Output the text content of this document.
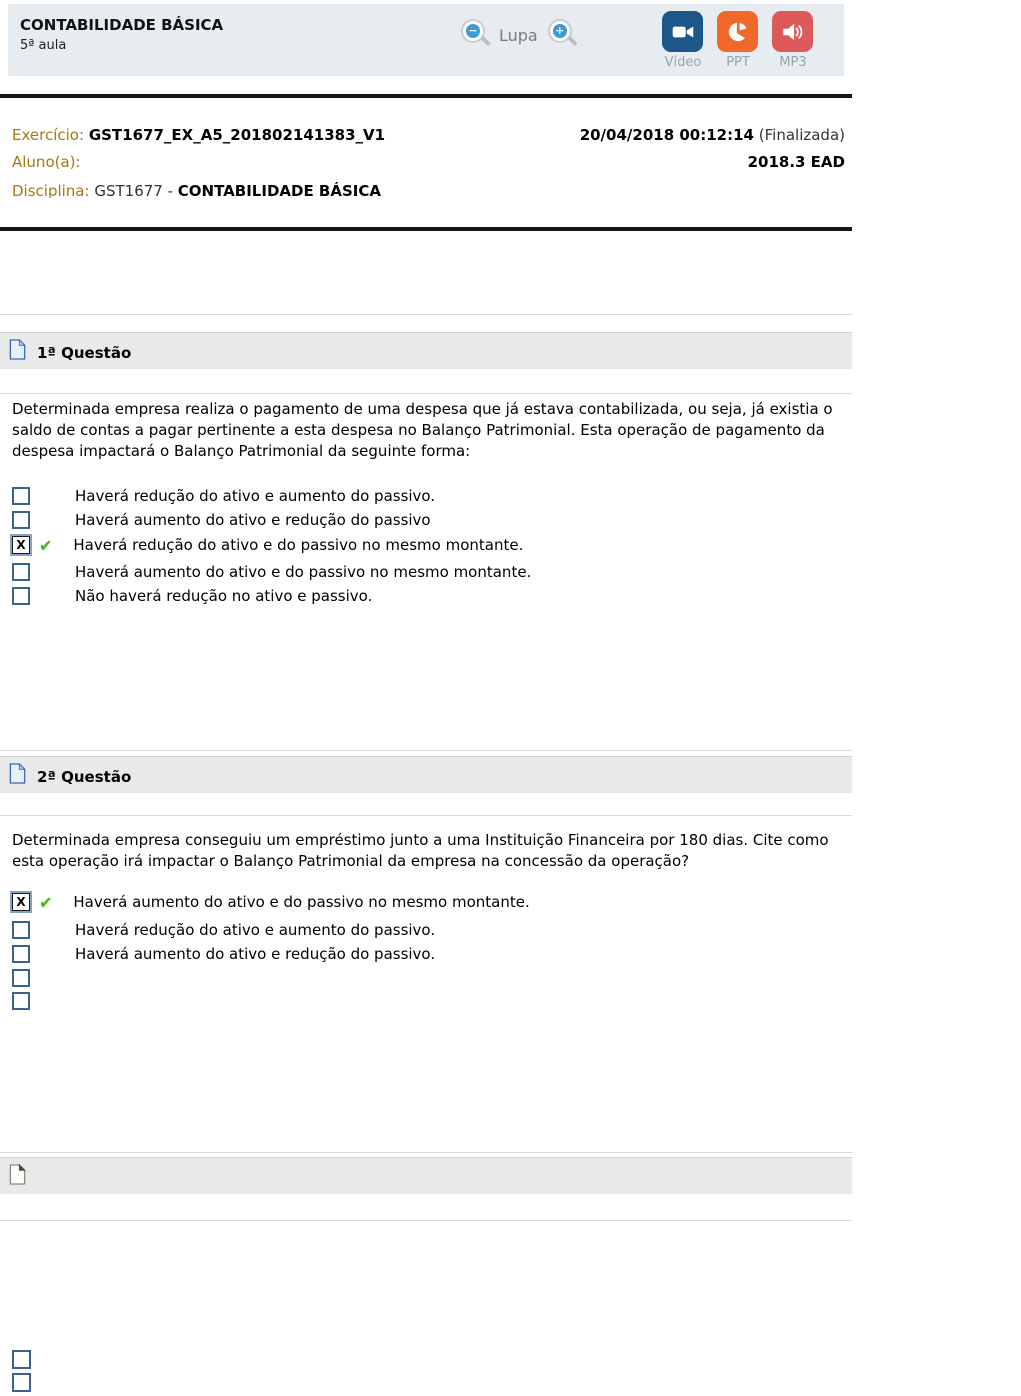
CONTABILIDADE BÁSICA
5ª aula
− Lupa +
Vídeo	PPT	MP3
Exercício: GST1677_EX_A5_201802141383_V1	20/04/2018 00:12:14 (Finalizada)
Aluno(a):	2018.3 EAD
Disciplina: GST1677 - CONTABILIDADE BÁSICA
1ª Questão
Determinada empresa realiza o pagamento de uma despesa que já estava contabilizada, ou seja, já existia o saldo de contas a pagar pertinente a esta despesa no Balanço Patrimonial. Esta operação de pagamento da despesa impactará o Balanço Patrimonial da seguinte forma:
Haverá redução do ativo e aumento do passivo.
Haverá aumento do ativo e redução do passivo
X ✔ Haverá redução do ativo e do passivo no mesmo montante.
Haverá aumento do ativo e do passivo no mesmo montante.
Não haverá redução no ativo e passivo.
2ª Questão
Determinada empresa conseguiu um empréstimo junto a uma Instituição Financeira por 180 dias. Cite como esta operação irá impactar o Balanço Patrimonial da empresa na concessão da operação?
X ✔ Haverá aumento do ativo e do passivo no mesmo montante.
Haverá redução do ativo e aumento do passivo.
Haverá aumento do ativo e redução do passivo.
